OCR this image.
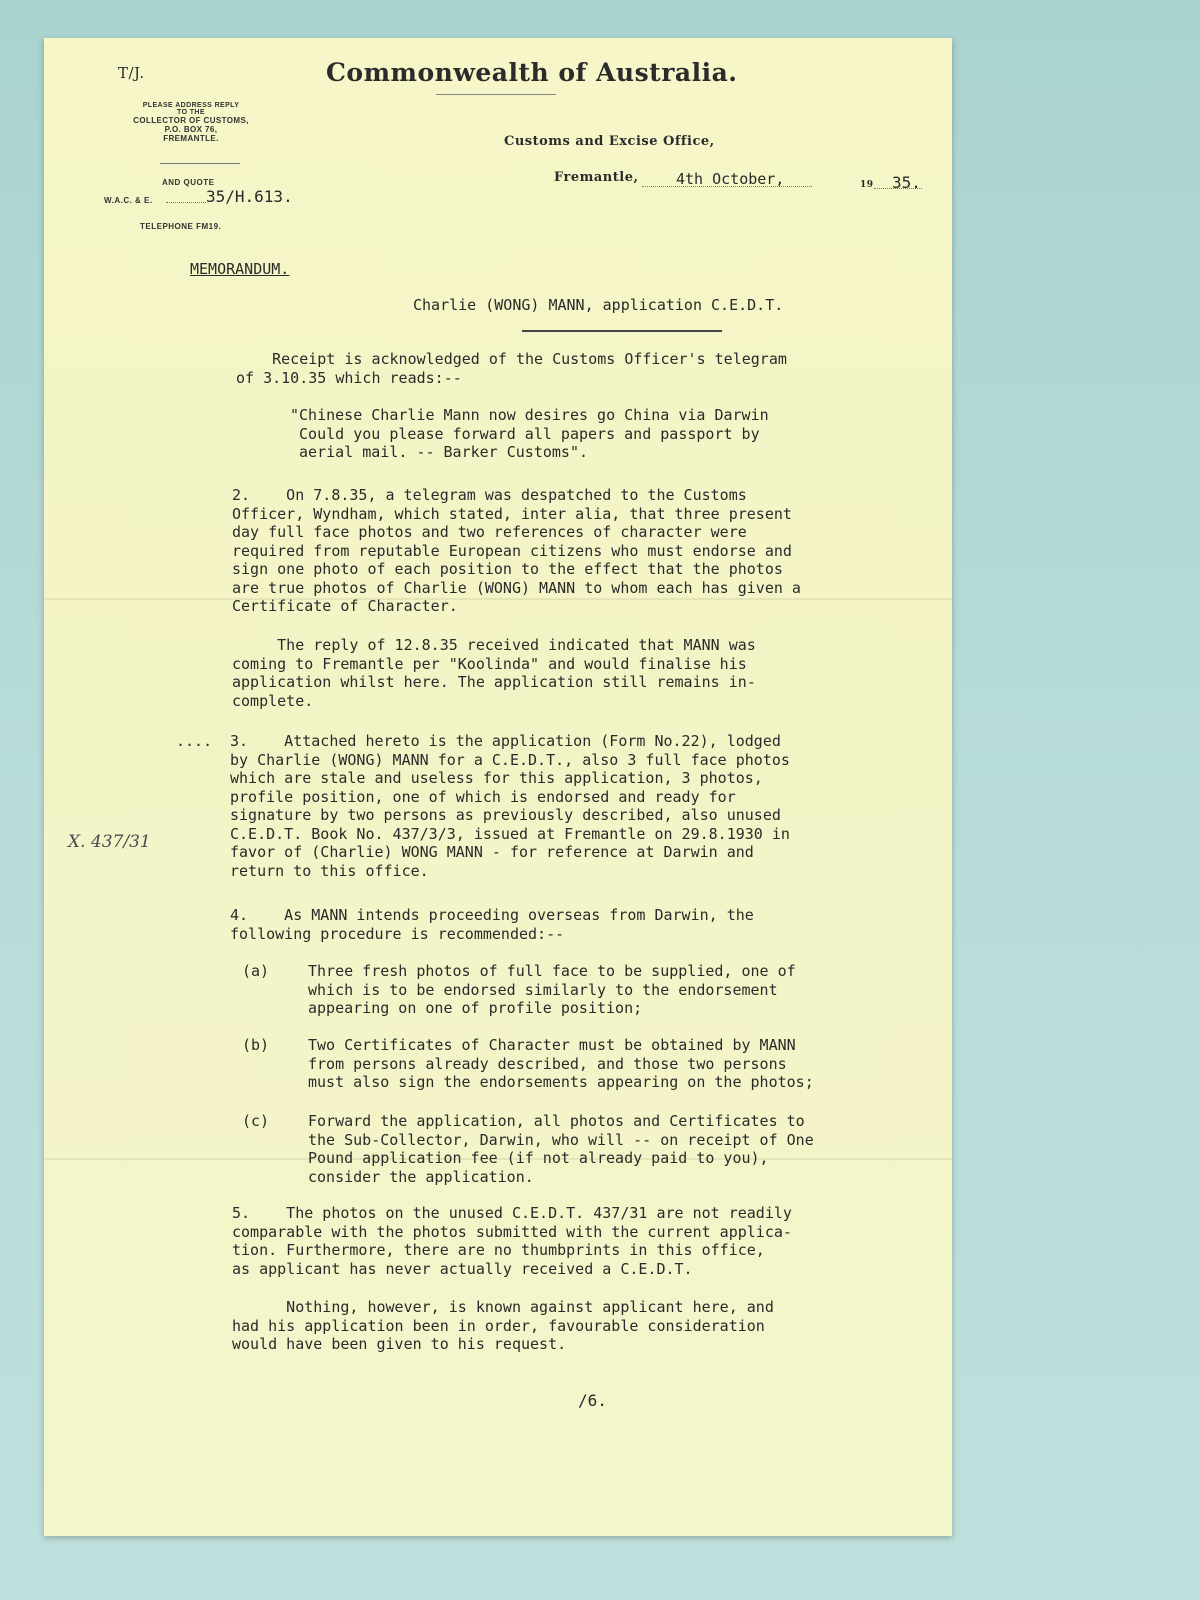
T/J.	Commonwealth of Australia.
PLEASE ADDRESS REPLY
TO THE
COLLECTOR OF CUSTOMS,
P.O. BOX 76,
FREMANTLE.
AND QUOTE
W.A.C. & E.	35/H.613.
TELEPHONE FM19.
Customs and Excise Office,
Fremantle,	4th October,	19 35.
MEMORANDUM.
Charlie (WONG) MANN, application C.E.D.T.
Receipt is acknowledged of the Customs Officer's telegram
of 3.10.35 which reads:--
"Chinese Charlie Mann now desires go China via Darwin
Could you please forward all papers and passport by
aerial mail. -- Barker Customs".
2.    On 7.8.35, a telegram was despatched to the Customs
Officer, Wyndham, which stated, inter alia, that three present
day full face photos and two references of character were
required from reputable European citizens who must endorse and
sign one photo of each position to the effect that the photos
are true photos of Charlie (WONG) MANN to whom each has given a
Certificate of Character.
The reply of 12.8.35 received indicated that MANN was
coming to Fremantle per "Koolinda" and would finalise his
application whilst here. The application still remains in-
complete.
.... 3.    Attached hereto is the application (Form No.22), lodged
by Charlie (WONG) MANN for a C.E.D.T., also 3 full face photos
which are stale and useless for this application, 3 photos,
profile position, one of which is endorsed and ready for
signature by two persons as previously described, also unused
C.E.D.T. Book No. 437/3/3, issued at Fremantle on 29.8.1930 in
favor of (Charlie) WONG MANN - for reference at Darwin and
return to this office.
X. 437/31
4.    As MANN intends proceeding overseas from Darwin, the
following procedure is recommended:--
(a)	Three fresh photos of full face to be supplied, one of
which is to be endorsed similarly to the endorsement
appearing on one of profile position;
(b)	Two Certificates of Character must be obtained by MANN
from persons already described, and those two persons
must also sign the endorsements appearing on the photos;
(c)	Forward the application, all photos and Certificates to
the Sub-Collector, Darwin, who will -- on receipt of One
Pound application fee (if not already paid to you),
consider the application.
5.    The photos on the unused C.E.D.T. 437/31 are not readily
comparable with the photos submitted with the current applica-
tion. Furthermore, there are no thumbprints in this office,
as applicant has never actually received a C.E.D.T.
Nothing, however, is known against applicant here, and
had his application been in order, favourable consideration
would have been given to his request.
/6.
